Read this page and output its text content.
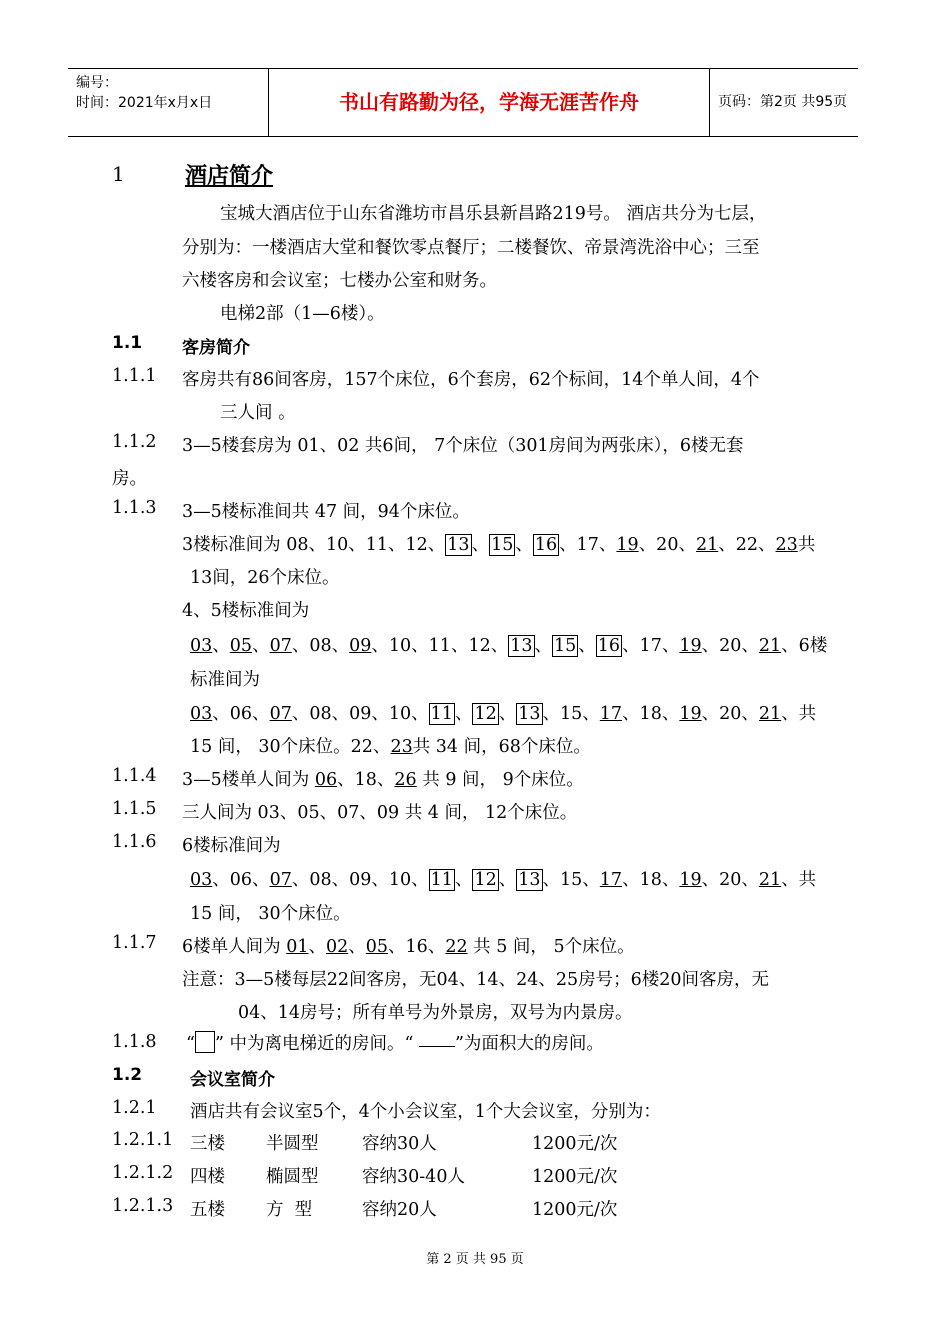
编号：
时间：2021年x月x日	书山有路勤为径，学海无涯苦作舟	页码：第2页 共95页
1	酒店简介
宝城大酒店位于山东省潍坊市昌乐县新昌路219号。 酒店共分为七层，
分别为：一楼酒店大堂和餐饮零点餐厅；二楼餐饮、帝景湾洗浴中心；三至
六楼客房和会议室；七楼办公室和财务。
电梯2部（1—6楼）。
1.1 客房简介
1.1.1 客房共有86间客房，157个床位，6个套房，62个标间，14个单人间，4个
三人间 。
1.1.2 3—5楼套房为 01、02 共6间， 7个床位（301房间为两张床），6楼无套
房。
1.1.3 3—5楼标准间共 47 间，94个床位。
3楼标准间为 08、10、11、12、 13 、 15 、 16 、17、19、20、21、22、23共
13间，26个床位。
4、5楼标准间为
03、05、07、08、09、10、11、12、 13 、 15 、 16 、17、19、20、21、6楼
标准间为
03、06、07、08、09、10、 11 、 12 、 13 、15、17、18、19、20、21、共
15 间， 30个床位。22、23共 34 间，68个床位。
1.1.4 3—5楼单人间为 06、18、26 共 9 间， 9个床位。
1.1.5 三人间为 03、05、07、09 共 4 间， 12个床位。
1.1.6 6楼标准间为
03、06、07、08、09、10、 11 、 12 、 13 、15、17、18、19、20、21、共
15 间， 30个床位。
1.1.7 6楼单人间为 01、02、05、16、22 共 5 间， 5个床位。
注意：3—5楼每层22间客房，无04、14、24、25房号；6楼20间客房，无
04、14房号；所有单号为外景房，双号为内景房。
1.1.8 “ ” 中为离电梯近的房间。“ ”为面积大的房间。
1.2	会议室简介
1.2.1 酒店共有会议室5个，4个小会议室，1个大会议室，分别为：
1.2.1.1 三楼 半圆型 容纳30人	1200元/次
1.2.1.2 四楼 椭圆型 容纳30-40人	1200元/次
1.2.1.3 五楼 方  型	容纳20人	1200元/次
第 2 页 共 95 页
